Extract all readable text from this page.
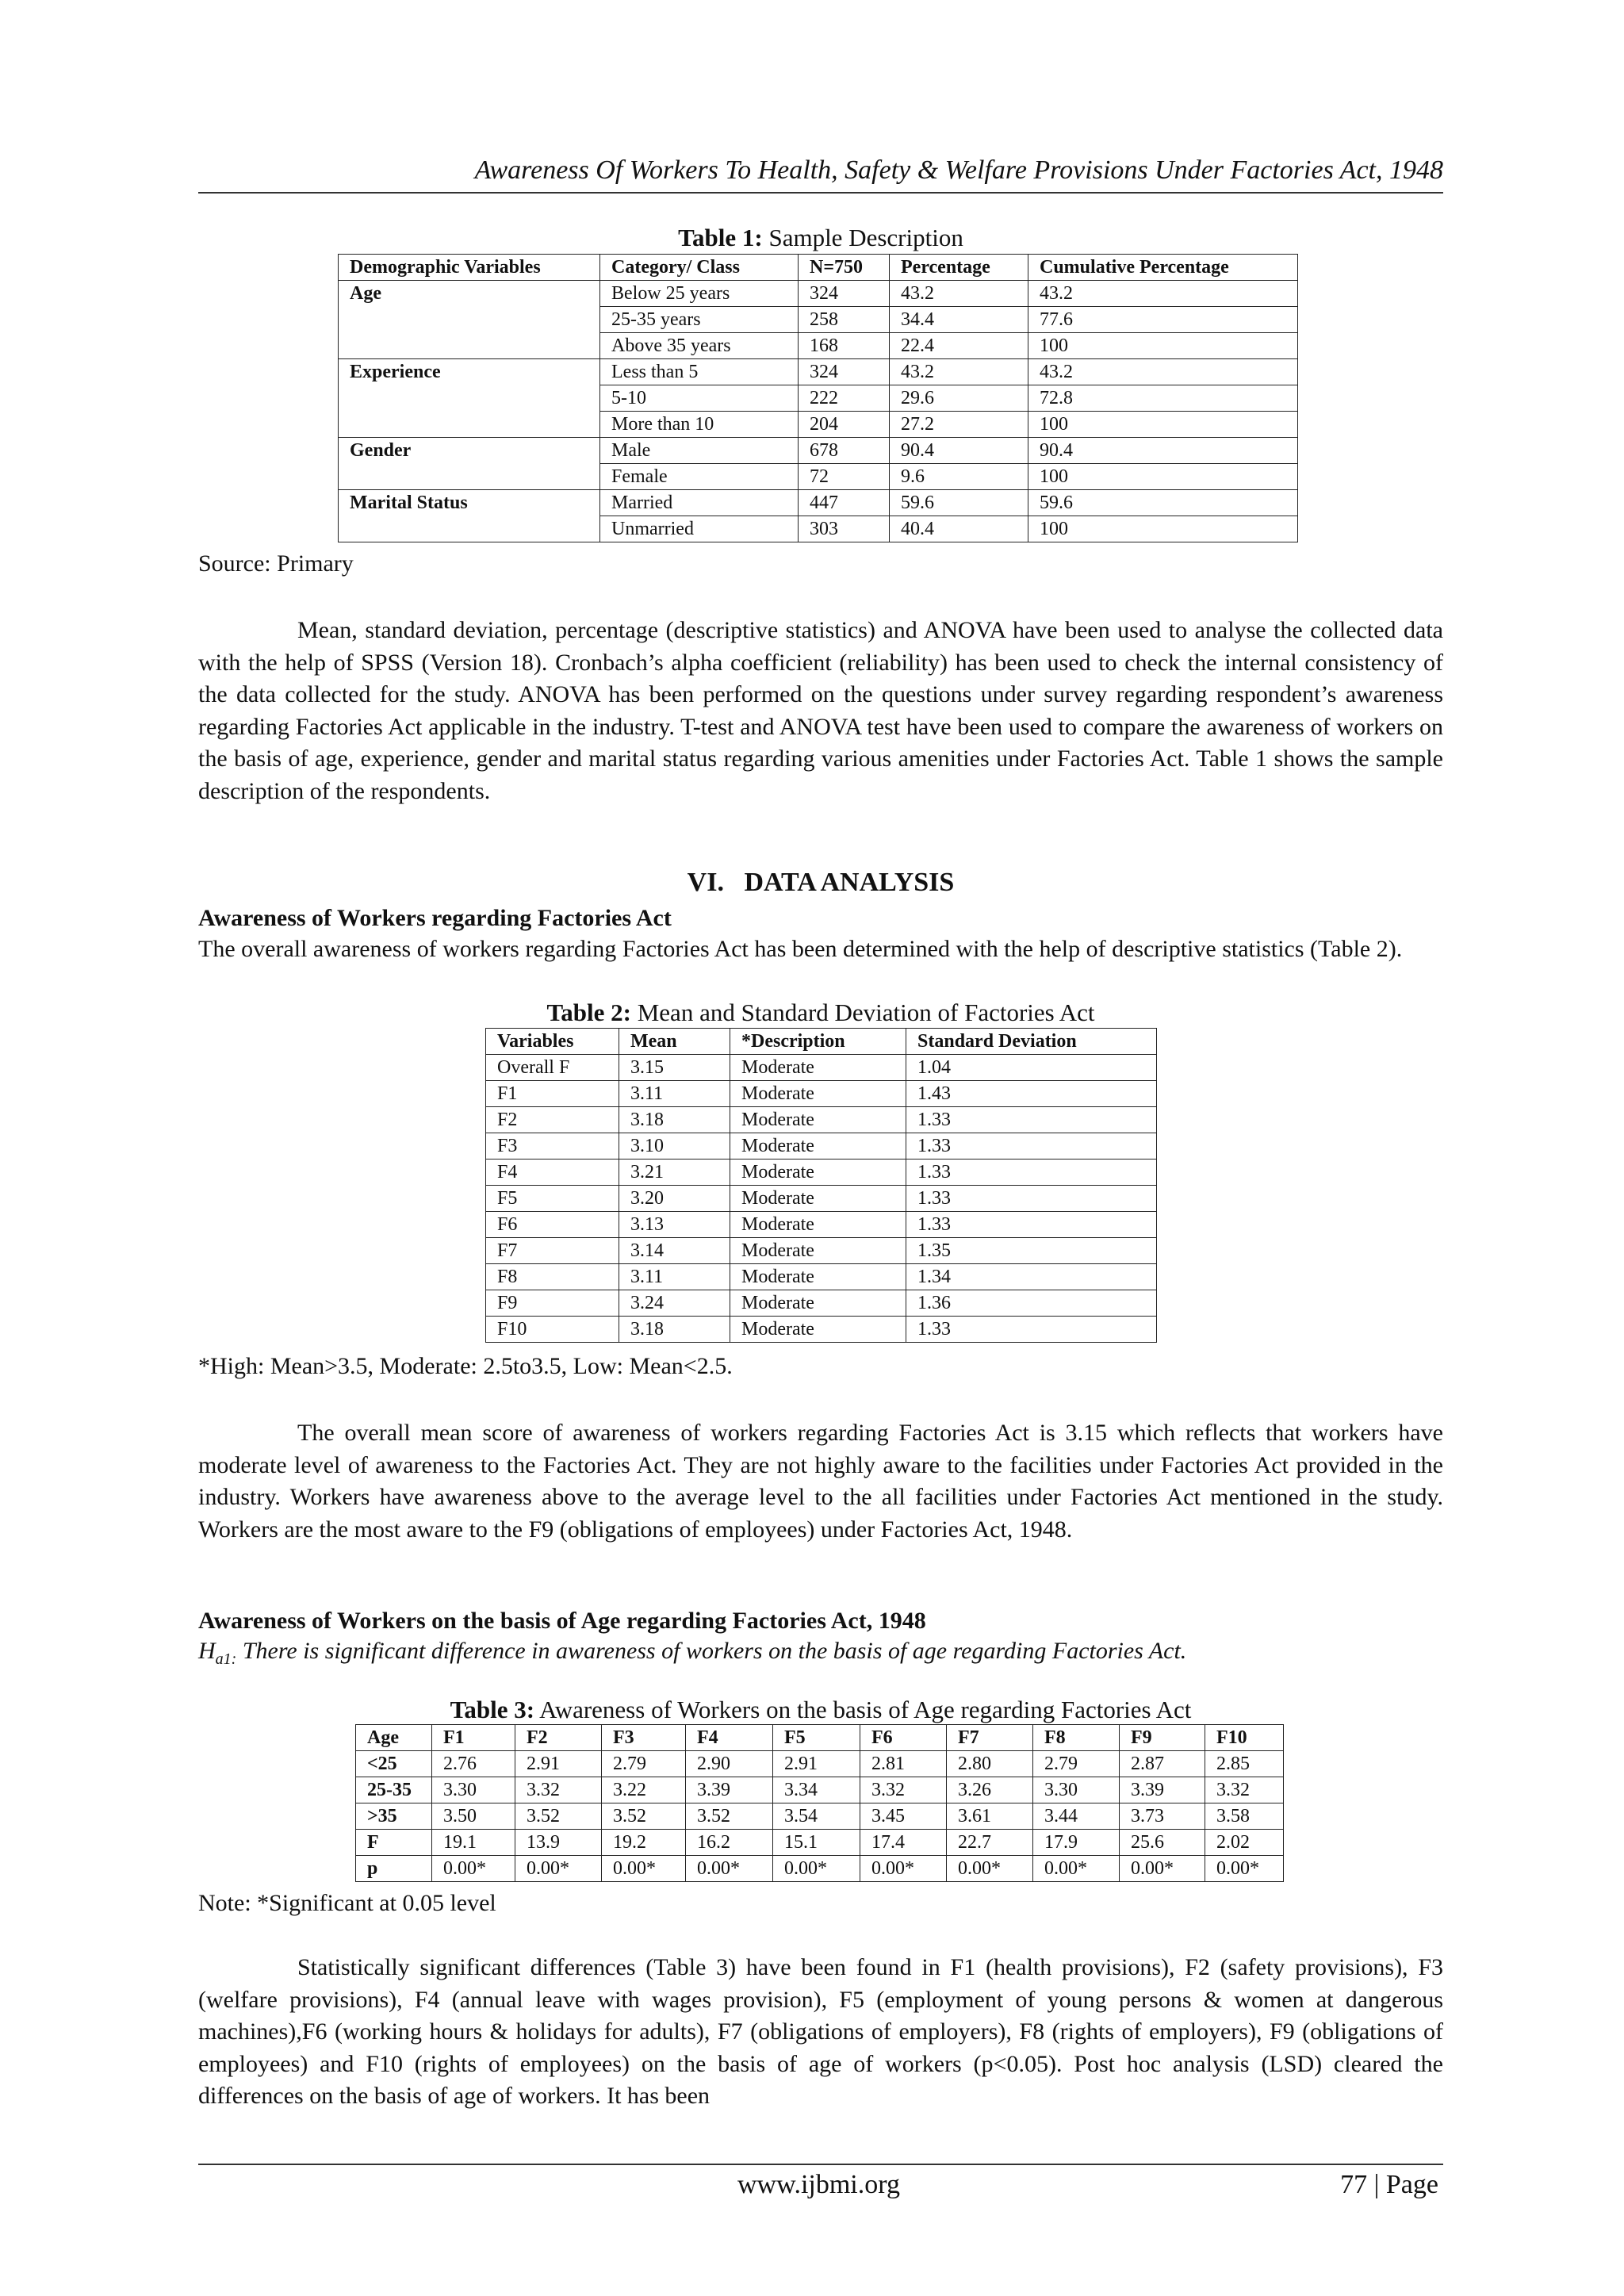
Awareness Of Workers To Health, Safety & Welfare Provisions Under Factories Act, 1948
Table 1: Sample Description
Demographic Variables	Category/ Class	N=750	Percentage	Cumulative Percentage
Age	Below 25 years	324	43.2	43.2
	25-35 years	258	34.4	77.6
	Above 35 years	168	22.4	100
Experience	Less than 5	324	43.2	43.2
	5-10	222	29.6	72.8
	More than 10	204	27.2	100
Gender	Male	678	90.4	90.4
	Female	72	9.6	100
Marital Status	Married	447	59.6	59.6
	Unmarried	303	40.4	100
Source: Primary

Mean, standard deviation, percentage (descriptive statistics) and ANOVA have been used to analyse the collected data with the help of SPSS (Version 18). Cronbach’s alpha coefficient (reliability) has been used to check the internal consistency of the data collected for the study. ANOVA has been performed on the questions under survey regarding respondent’s awareness regarding Factories Act applicable in the industry. T-test and ANOVA test have been used to compare the awareness of workers on the basis of age, experience, gender and marital status regarding various amenities under Factories Act. Table 1 shows the sample description of the respondents.

VI. DATA ANALYSIS
Awareness of Workers regarding Factories Act

The overall awareness of workers regarding Factories Act has been determined with the help of descriptive statistics (Table 2).

Table 2: Mean and Standard Deviation of Factories Act
Variables	Mean	*Description	Standard Deviation
Overall F	3.15	Moderate	1.04
F1	3.11	Moderate	1.43
F2	3.18	Moderate	1.33
F3	3.10	Moderate	1.33
F4	3.21	Moderate	1.33
F5	3.20	Moderate	1.33
F6	3.13	Moderate	1.33
F7	3.14	Moderate	1.35
F8	3.11	Moderate	1.34
F9	3.24	Moderate	1.36
F10	3.18	Moderate	1.33
*High: Mean>3.5, Moderate: 2.5to3.5, Low: Mean<2.5.

The overall mean score of awareness of workers regarding Factories Act is 3.15 which reflects that workers have moderate level of awareness to the Factories Act. They are not highly aware to the facilities under Factories Act provided in the industry. Workers have awareness above to the average level to the all facilities under Factories Act mentioned in the study. Workers are the most aware to the F9 (obligations of employees) under Factories Act, 1948.

Awareness of Workers on the basis of Age regarding Factories Act, 1948
$H_{a1:}$ There is significant difference in awareness of workers on the basis of age regarding Factories Act.
Table 3: Awareness of Workers on the basis of Age regarding Factories Act
Age	F1	F2	F3	F4	F5	F6	F7	F8	F9	F10
<25	2.76	2.91	2.79	2.90	2.91	2.81	2.80	2.79	2.87	2.85
25-35	3.30	3.32	3.22	3.39	3.34	3.32	3.26	3.30	3.39	3.32
>35	3.50	3.52	3.52	3.52	3.54	3.45	3.61	3.44	3.73	3.58
F	19.1	13.9	19.2	16.2	15.1	17.4	22.7	17.9	25.6	2.02
p	0.00*	0.00*	0.00*	0.00*	0.00*	0.00*	0.00*	0.00*	0.00*	0.00*
Note: *Significant at 0.05 level

Statistically significant differences (Table 3) have been found in F1 (health provisions), F2 (safety provisions), F3 (welfare provisions), F4 (annual leave with wages provision), F5 (employment of young persons & women at dangerous machines),F6 (working hours & holidays for adults), F7 (obligations of employers), F8 (rights of employers), F9 (obligations of employees) and F10 (rights of employees) on the basis of age of workers (p<0.05). Post hoc analysis (LSD) cleared the differences on the basis of age of workers. It has been

www.ijbmi.org	77 | Page
